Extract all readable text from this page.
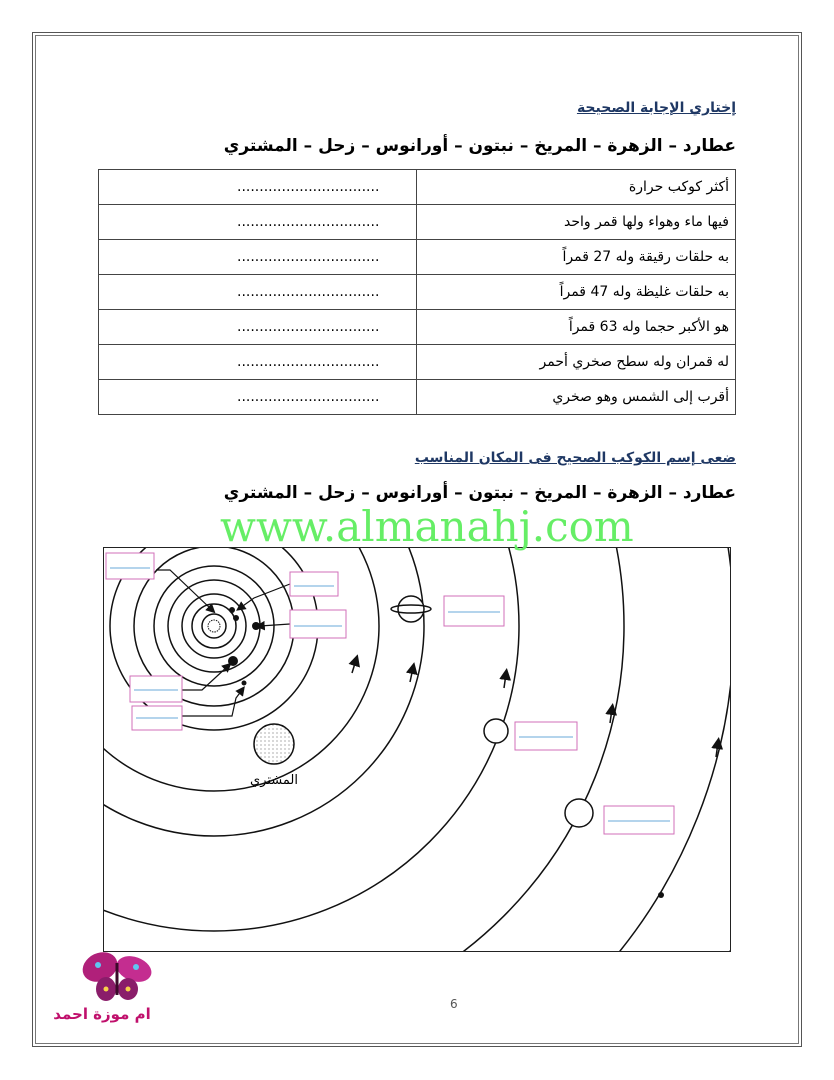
إختاري الإجابة الصحيحة
عطارد – الزهرة – المريخ – نبتون – أورانوس – زحل – المشتري
أكثر كوكب حرارة	................................
فيها ماء وهواء ولها قمر واحد	................................
به حلقات رقيقة وله 27 قمراً	................................
به حلقات غليظة وله 47 قمراً	................................
هو الأكبر حجما وله 63 قمراً	................................
له قمران وله سطح صخري أحمر	................................
أقرب إلى الشمس وهو صخري	................................
ضعى إسم الكوكب الصحيح فى المكان المناسب
عطارد – الزهرة – المريخ – نبتون – أورانوس – زحل – المشتري
المشتري
www.almanahj.com
ام موزة احمد
6
